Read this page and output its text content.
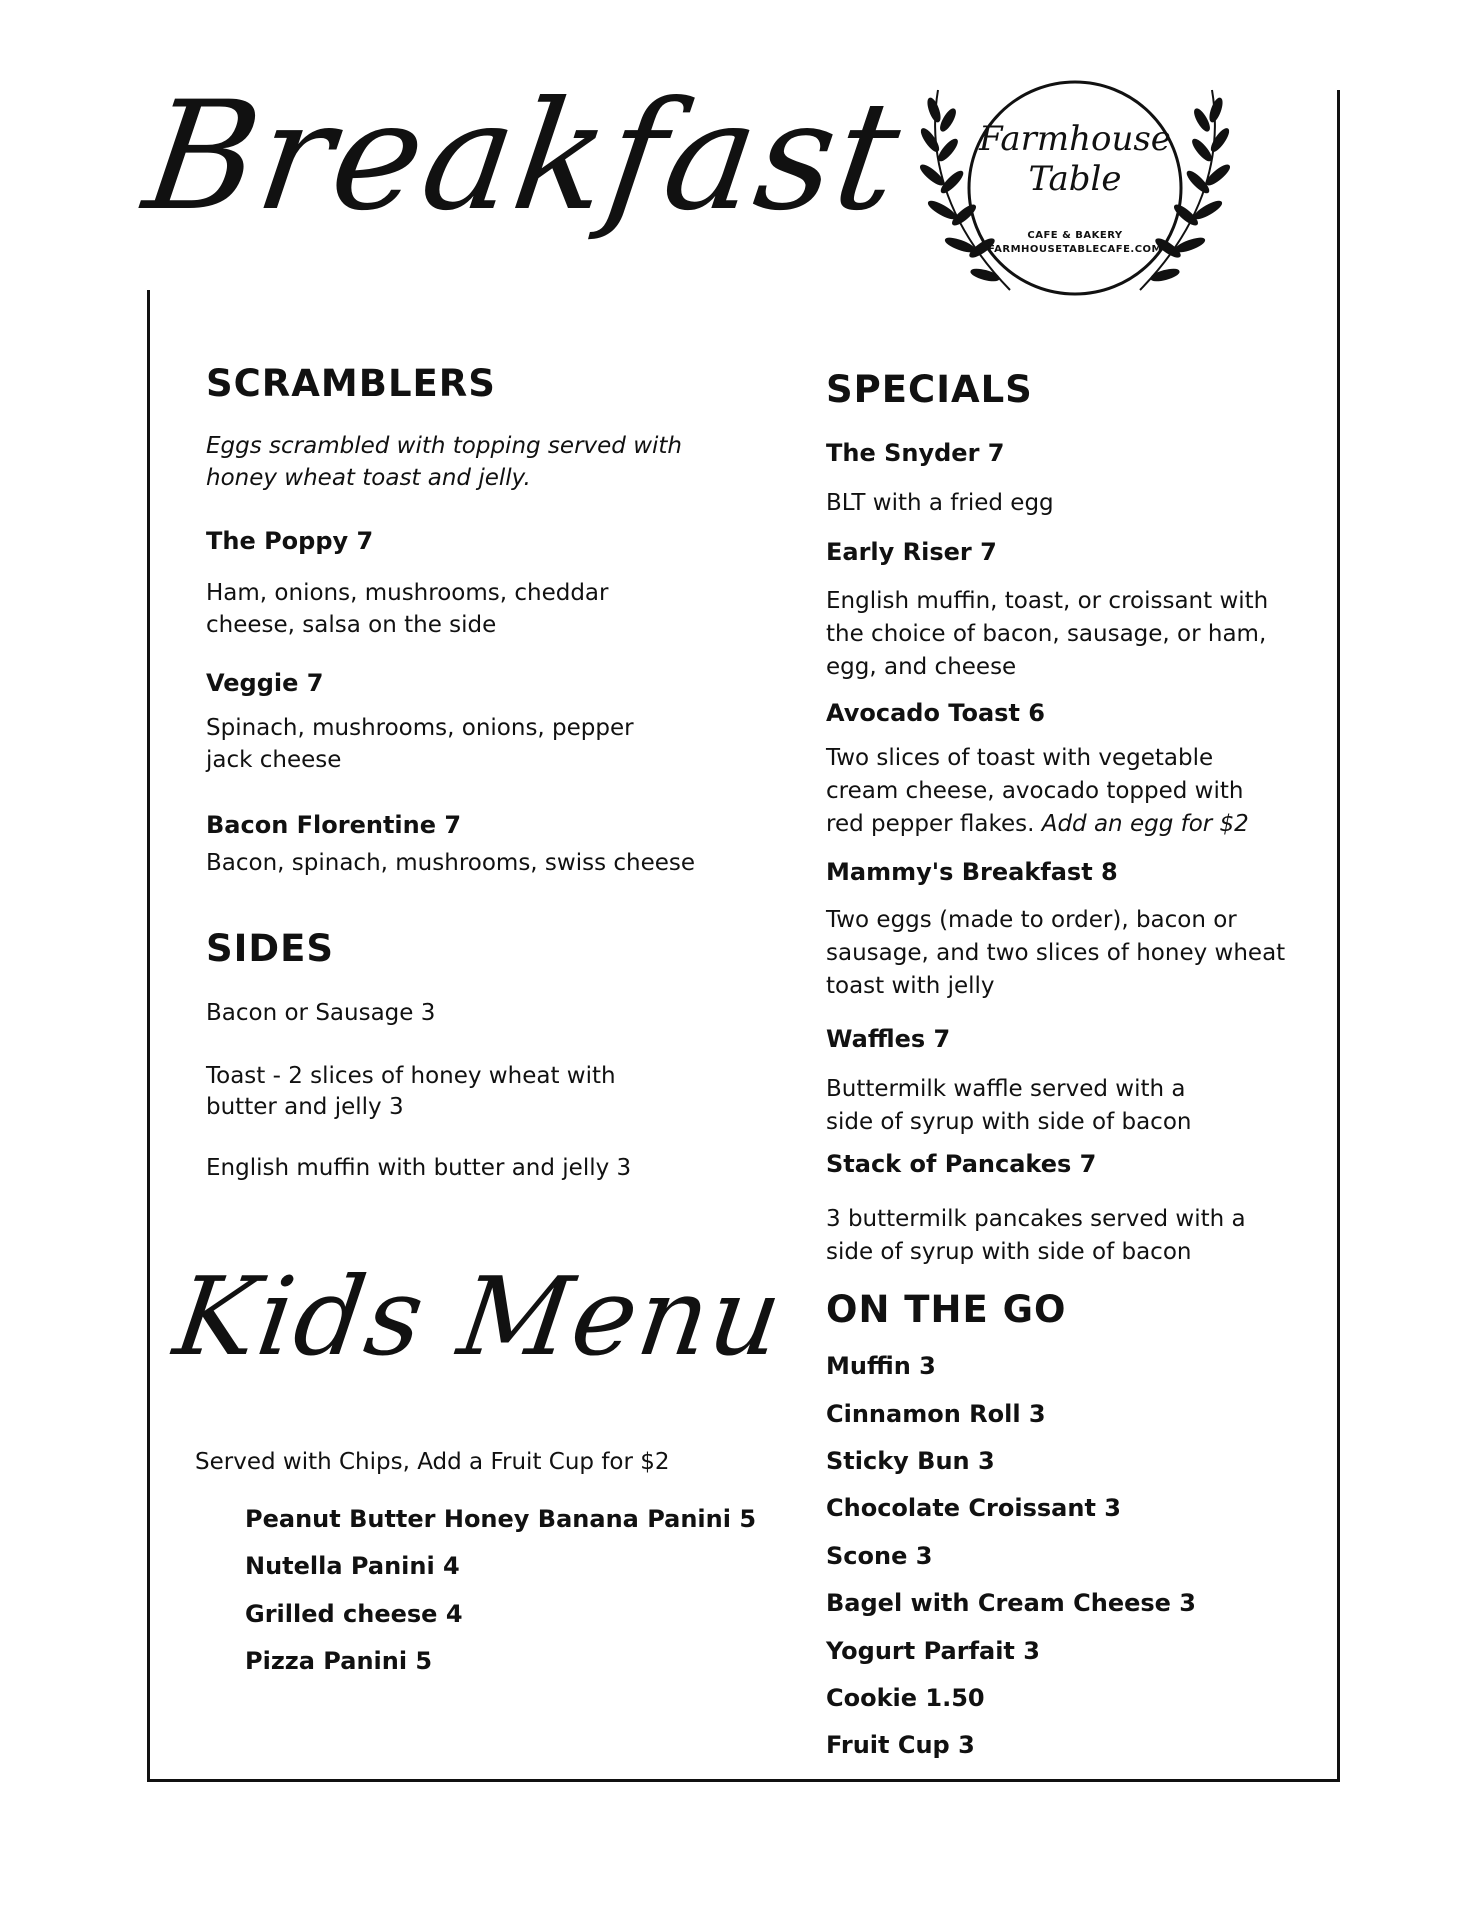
Breakfast	Farmhouse
Table
CAFE & BAKERY
FARMHOUSETABLECAFE.COM
SCRAMBLERS
Eggs scrambled with topping served with
honey wheat toast and jelly.
The Poppy 7
Ham, onions, mushrooms, cheddar
cheese, salsa on the side
Veggie 7
Spinach, mushrooms, onions, pepper
jack cheese
Bacon Florentine 7
Bacon, spinach, mushrooms, swiss cheese
SIDES
Bacon or Sausage 3
Toast - 2 slices of honey wheat with
butter and jelly 3
English muffin with butter and jelly 3
Kids Menu
Served with Chips, Add a Fruit Cup for $2
Peanut Butter Honey Banana Panini 5
Nutella Panini 4
Grilled cheese 4
Pizza Panini 5
SPECIALS
The Snyder 7
BLT with a fried egg
Early Riser 7
English muffin, toast, or croissant with
the choice of bacon, sausage, or ham,
egg, and cheese
Avocado Toast 6
Two slices of toast with vegetable
cream cheese, avocado topped with
red pepper flakes. Add an egg for $2
Mammy's Breakfast 8
Two eggs (made to order), bacon or
sausage, and two slices of honey wheat
toast with jelly
Waffles 7
Buttermilk waffle served with a
side of syrup with side of bacon
Stack of Pancakes 7
3 buttermilk pancakes served with a
side of syrup with side of bacon
ON THE GO
Muffin 3
Cinnamon Roll 3
Sticky Bun 3
Chocolate Croissant 3
Scone 3
Bagel with Cream Cheese 3
Yogurt Parfait 3
Cookie 1.50
Fruit Cup 3
